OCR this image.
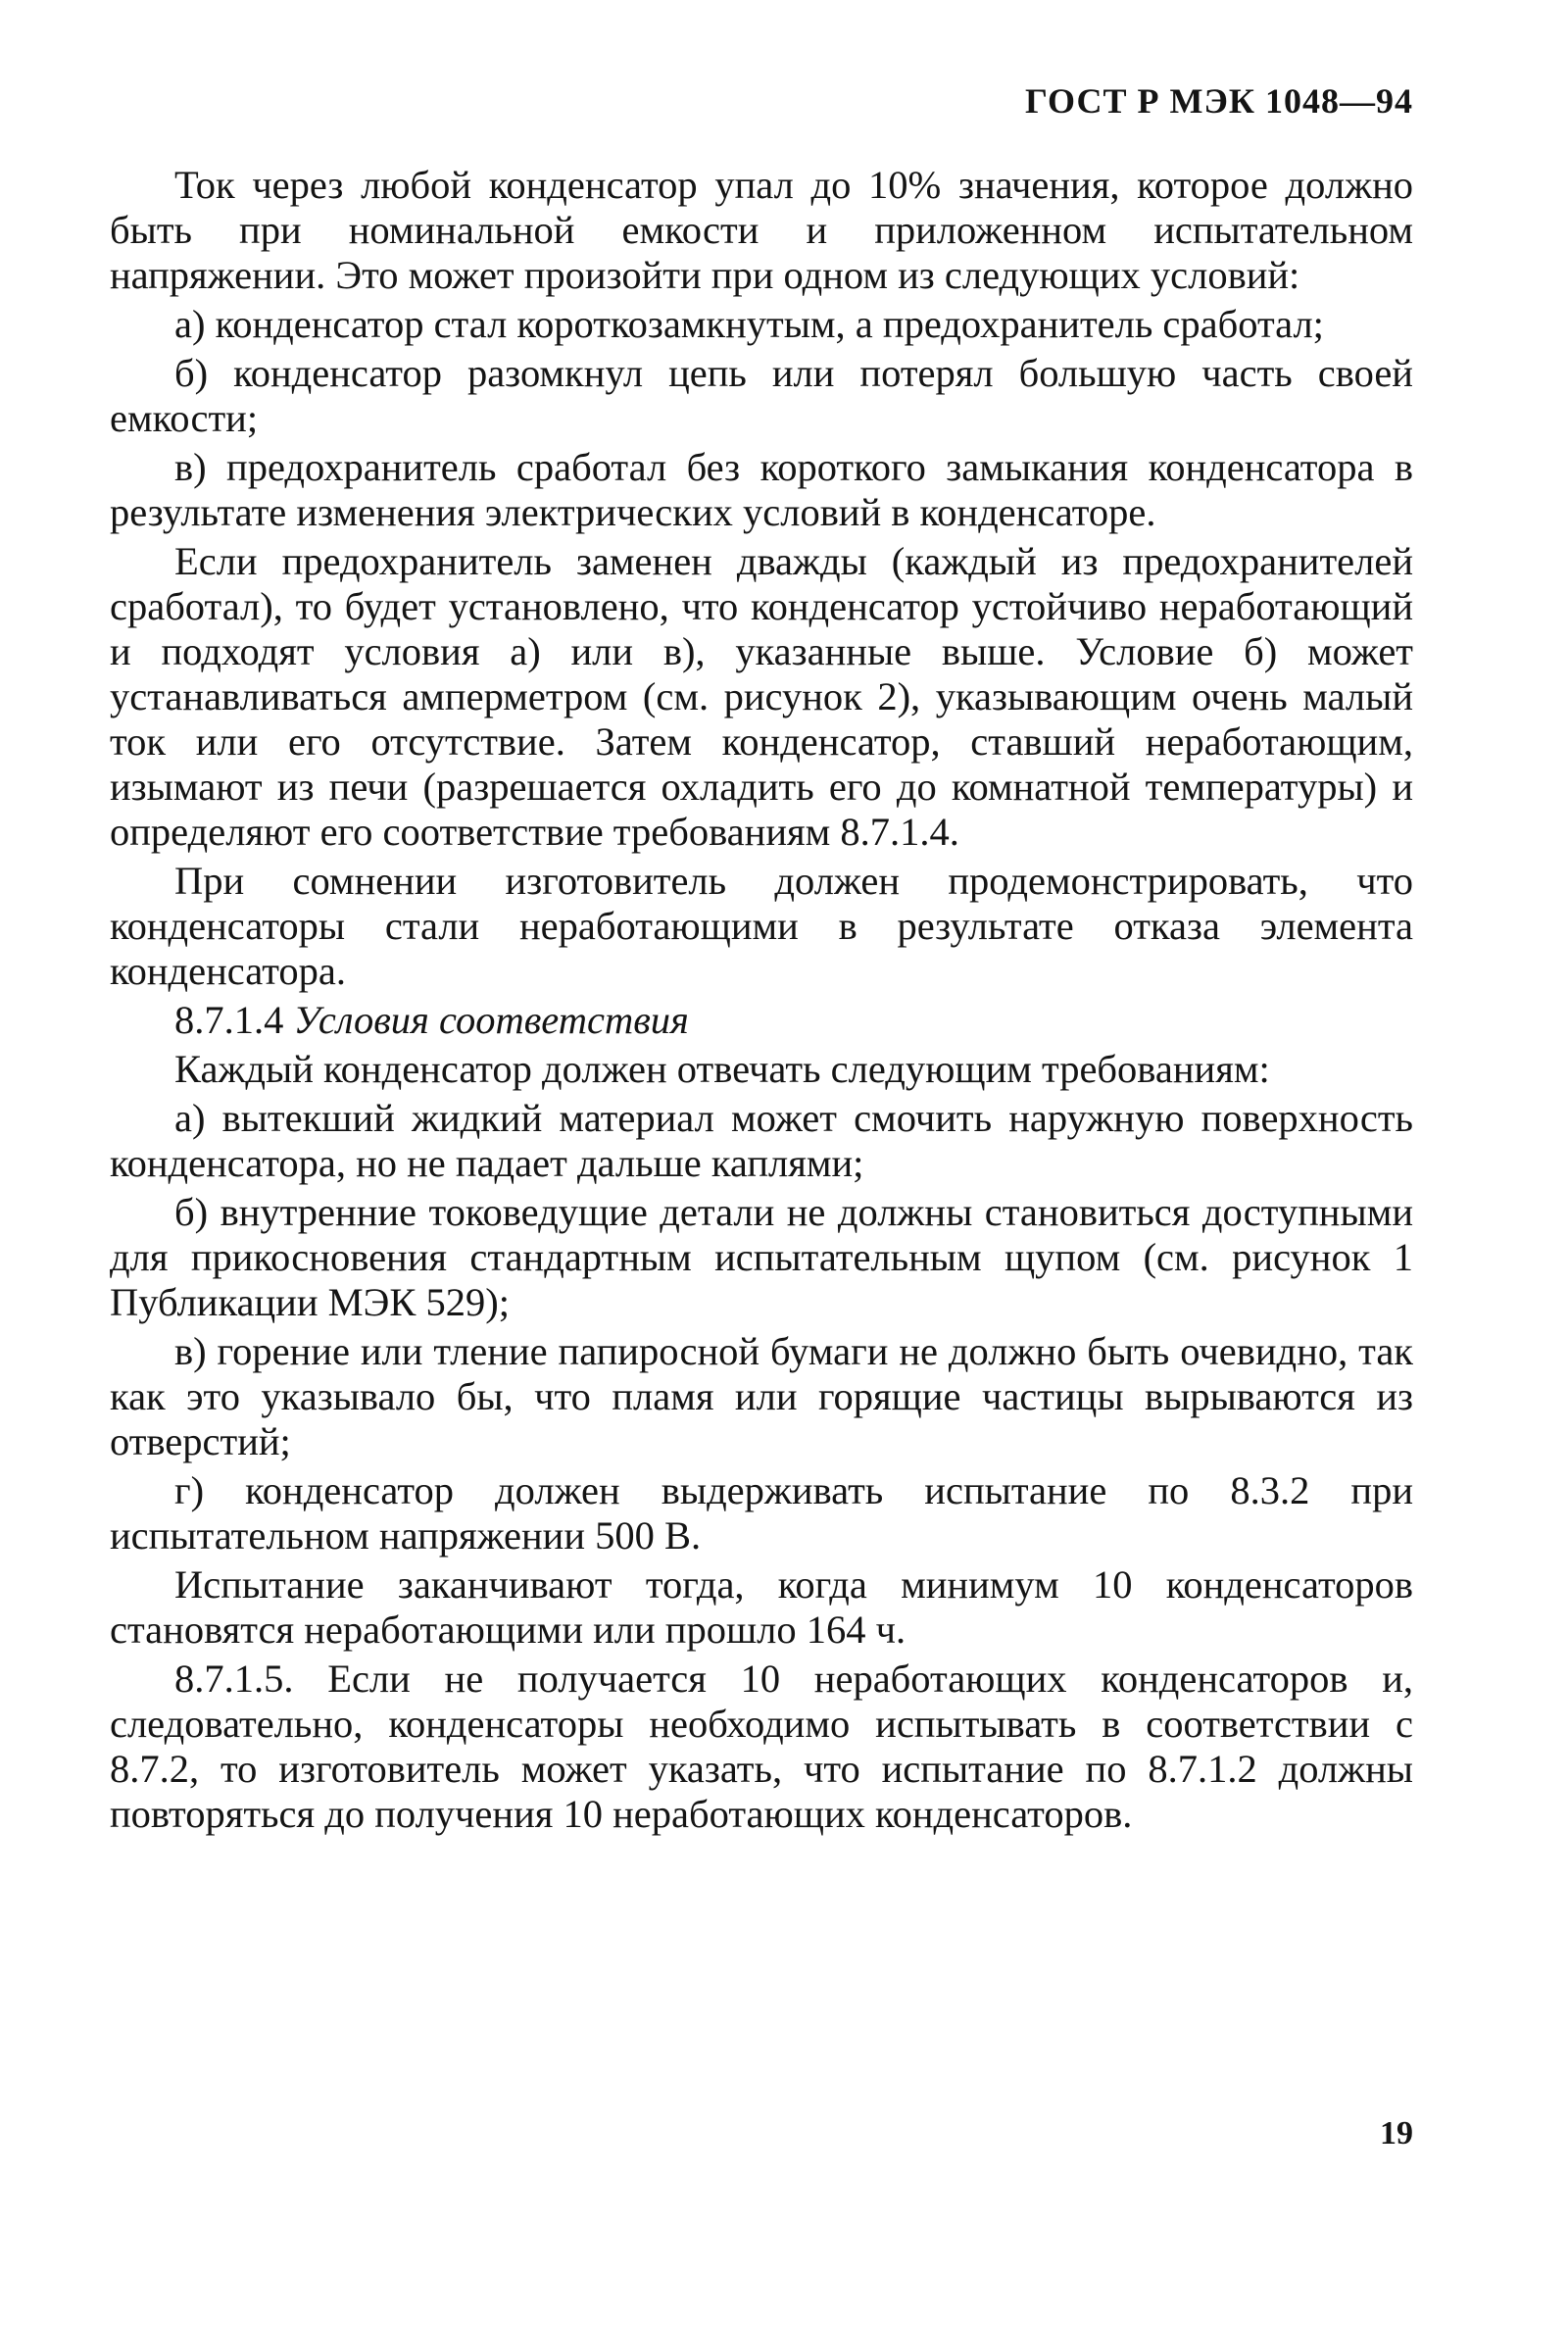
ГОСТ Р МЭК 1048—94

Ток через любой конденсатор упал до 10% значения, которое должно быть при номинальной емкости и приложенном испытательном напряжении. Это может произойти при одном из следующих условий:

а) конденсатор стал короткозамкнутым, а предохранитель сработал;

б) конденсатор разомкнул цепь или потерял большую часть своей емкости;

в) предохранитель сработал без короткого замыкания конденсатора в результате изменения электрических условий в конденсаторе.

Если предохранитель заменен дважды (каждый из предохранителей сработал), то будет установлено, что конденсатор устойчиво неработающий и подходят условия а) или в), указанные выше. Условие б) может устанавливаться амперметром (см. рисунок 2), указывающим очень малый ток или его отсутствие. Затем конденсатор, ставший неработающим, изымают из печи (разрешается охладить его до комнатной температуры) и определяют его соответствие требованиям 8.7.1.4.

При сомнении изготовитель должен продемонстрировать, что конденсаторы стали неработающими в результате отказа элемента конденсатора.

8.7.1.4 Условия соответствия

Каждый конденсатор должен отвечать следующим требованиям:

а) вытекший жидкий материал может смочить наружную поверхность конденсатора, но не падает дальше каплями;

б) внутренние токоведущие детали не должны становиться доступными для прикосновения стандартным испытательным щупом (см. рисунок 1 Публикации МЭК 529);

в) горение или тление папиросной бумаги не должно быть очевидно, так как это указывало бы, что пламя или горящие частицы вырываются из отверстий;

г) конденсатор должен выдерживать испытание по 8.3.2 при испытательном напряжении 500 В.

Испытание заканчивают тогда, когда минимум 10 конденсаторов становятся неработающими или прошло 164 ч.

8.7.1.5. Если не получается 10 неработающих конденсаторов и, следовательно, конденсаторы необходимо испытывать в соответствии с 8.7.2, то изготовитель может указать, что испытание по 8.7.1.2 должны повторяться до получения 10 неработающих конденсаторов.

19
